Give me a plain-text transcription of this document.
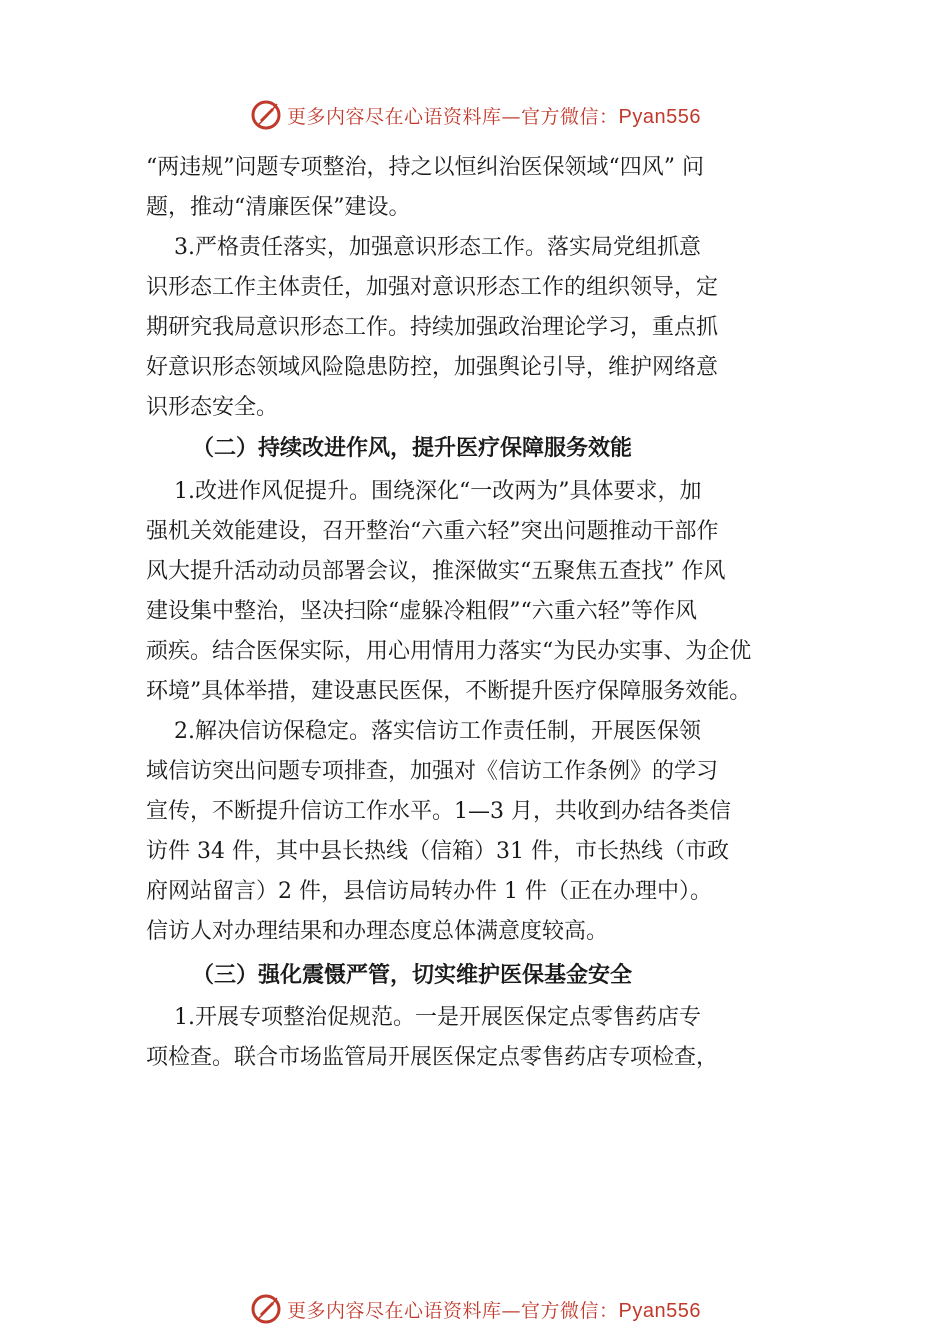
更多内容尽在心语资料库—官方微信：Pyan556
“两违规”问题专项整治，持之以恒纠治医保领域“四风” 问
题，推动“清廉医保”建设。
3.严格责任落实，加强意识形态工作。落实局党组抓意
识形态工作主体责任，加强对意识形态工作的组织领导，定
期研究我局意识形态工作。持续加强政治理论学习，重点抓
好意识形态领域风险隐患防控，加强舆论引导，维护网络意
识形态安全。
（二）持续改进作风，提升医疗保障服务效能
1.改进作风促提升。围绕深化“一改两为”具体要求，加
强机关效能建设，召开整治“六重六轻”突出问题推动干部作
风大提升活动动员部署会议，推深做实“五聚焦五查找” 作风
建设集中整治，坚决扫除“虚躲冷粗假”“六重六轻”等作风
顽疾。结合医保实际，用心用情用力落实“为民办实事、为企优
环境”具体举措，建设惠民医保，不断提升医疗保障服务效能。
2.解决信访保稳定。落实信访工作责任制，开展医保领
域信访突出问题专项排查，加强对《信访工作条例》的学习
宣传，不断提升信访工作水平。1—3 月，共收到办结各类信
访件 34 件，其中县长热线（信箱）31 件，市长热线（市政
府网站留言）2 件，县信访局转办件 1 件（正在办理中）。
信访人对办理结果和办理态度总体满意度较高。
（三）强化震慑严管，切实维护医保基金安全
1.开展专项整治促规范。一是开展医保定点零售药店专
项检查。联合市场监管局开展医保定点零售药店专项检查，
更多内容尽在心语资料库—官方微信：Pyan556
